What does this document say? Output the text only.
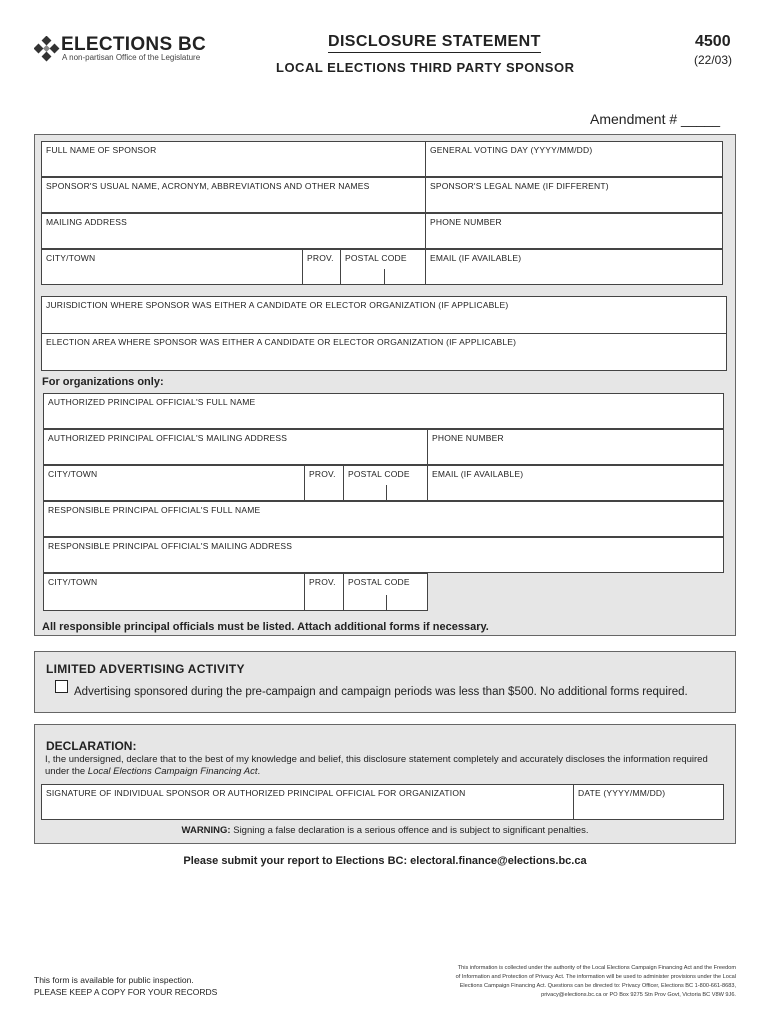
ELECTIONS BC
A non-partisan Office of the Legislature
DISCLOSURE STATEMENT
LOCAL ELECTIONS THIRD PARTY SPONSOR
4500
(22/03)
Amendment # _____
FULL NAME OF SPONSOR	GENERAL VOTING DAY (YYYY/MM/DD)
SPONSOR'S USUAL NAME, ACRONYM, ABBREVIATIONS AND OTHER NAMES	SPONSOR'S LEGAL NAME (IF DIFFERENT)
MAILING ADDRESS	PHONE NUMBER
CITY/TOWN	PROV. POSTAL CODE	EMAIL (IF AVAILABLE)
JURISDICTION WHERE SPONSOR WAS EITHER A CANDIDATE OR ELECTOR ORGANIZATION (IF APPLICABLE)
ELECTION AREA WHERE SPONSOR WAS EITHER A CANDIDATE OR ELECTOR ORGANIZATION (IF APPLICABLE)
For organizations only:
AUTHORIZED PRINCIPAL OFFICIAL'S FULL NAME
AUTHORIZED PRINCIPAL OFFICIAL'S MAILING ADDRESS	PHONE NUMBER
CITY/TOWN	PROV. POSTAL CODE	EMAIL (IF AVAILABLE)
RESPONSIBLE PRINCIPAL OFFICIAL'S FULL NAME
RESPONSIBLE PRINCIPAL OFFICIAL'S MAILING ADDRESS
CITY/TOWN	PROV. POSTAL CODE
All responsible principal officials must be listed. Attach additional forms if necessary.
LIMITED ADVERTISING ACTIVITY
Advertising sponsored during the pre-campaign and campaign periods was less than $500. No additional forms required.
DECLARATION:
I, the undersigned, declare that to the best of my knowledge and belief, this disclosure statement completely and accurately discloses the information required under the Local Elections Campaign Financing Act.
SIGNATURE OF INDIVIDUAL SPONSOR OR AUTHORIZED PRINCIPAL OFFICIAL FOR ORGANIZATION	DATE (YYYY/MM/DD)
WARNING: Signing a false declaration is a serious offence and is subject to significant penalties.
Please submit your report to Elections BC: electoral.finance@elections.bc.ca
This form is available for public inspection.
PLEASE KEEP A COPY FOR YOUR RECORDS
This information is collected under the authority of the Local Elections Campaign Financing Act and the Freedom
of Information and Protection of Privacy Act. The information will be used to administer provisions under the Local
Elections Campaign Financing Act. Questions can be directed to: Privacy Officer, Elections BC 1-800-661-8683,
privacy@elections.bc.ca or PO Box 9275 Stn Prov Govt, Victoria BC V8W 9J6.
